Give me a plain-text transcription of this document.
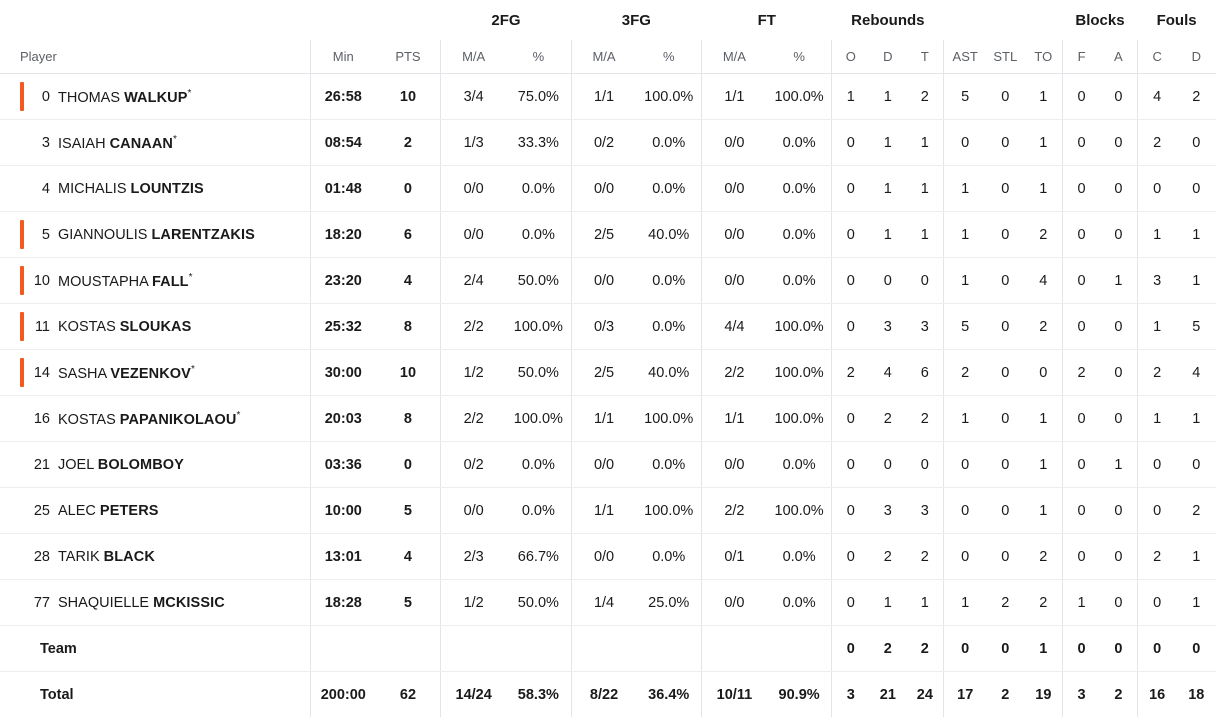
			2FG		3FG		FT		Rebounds						Blocks		Fouls	
Player	Min	PTS	M/A	%	M/A	%	M/A	%	O	D	T	AST	STL	TO	F	A	C	D

0 THOMAS WALKUP*	26:58	10	3/4	75.0%	1/1	100.0%	1/1	100.0%	1	1	2	5	0	1	0	0	4	2

3 ISAIAH CANAAN*	08:54	2	1/3	33.3%	0/2	0.0%	0/0	0.0%	0	1	1	0	0	1	0	0	2	0

4 MICHALIS LOUNTZIS	01:48	0	0/0	0.0%	0/0	0.0%	0/0	0.0%	0	1	1	1	0	1	0	0	0	0

5 GIANNOULIS LARENTZAKIS	18:20	6	0/0	0.0%	2/5	40.0%	0/0	0.0%	0	1	1	1	0	2	0	0	1	1

10 MOUSTAPHA FALL*	23:20	4	2/4	50.0%	0/0	0.0%	0/0	0.0%	0	0	0	1	0	4	0	1	3	1

11 KOSTAS SLOUKAS	25:32	8	2/2	100.0%	0/3	0.0%	4/4	100.0%	0	3	3	5	0	2	0	0	1	5

14 SASHA VEZENKOV*	30:00	10	1/2	50.0%	2/5	40.0%	2/2	100.0%	2	4	6	2	0	0	2	0	2	4

16 KOSTAS PAPANIKOLAOU*	20:03	8	2/2	100.0%	1/1	100.0%	1/1	100.0%	0	2	2	1	0	1	0	0	1	1

21 JOEL BOLOMBOY	03:36	0	0/2	0.0%	0/0	0.0%	0/0	0.0%	0	0	0	0	0	1	0	1	0	0

25 ALEC PETERS	10:00	5	0/0	0.0%	1/1	100.0%	2/2	100.0%	0	3	3	0	0	1	0	0	0	2

28 TARIK BLACK	13:01	4	2/3	66.7%	0/0	0.0%	0/1	0.0%	0	2	2	0	0	2	0	0	2	1

77 SHAQUIELLE MCKISSIC	18:28	5	1/2	50.0%	1/4	25.0%	0/0	0.0%	0	1	1	1	2	2	1	0	0	1

Team									0	2	2	0	0	1	0	0	0	0

Total	200:00	62	14/24	58.3%	8/22	36.4%	10/11	90.9%	3	21	24	17	2	19	3	2	16	18
